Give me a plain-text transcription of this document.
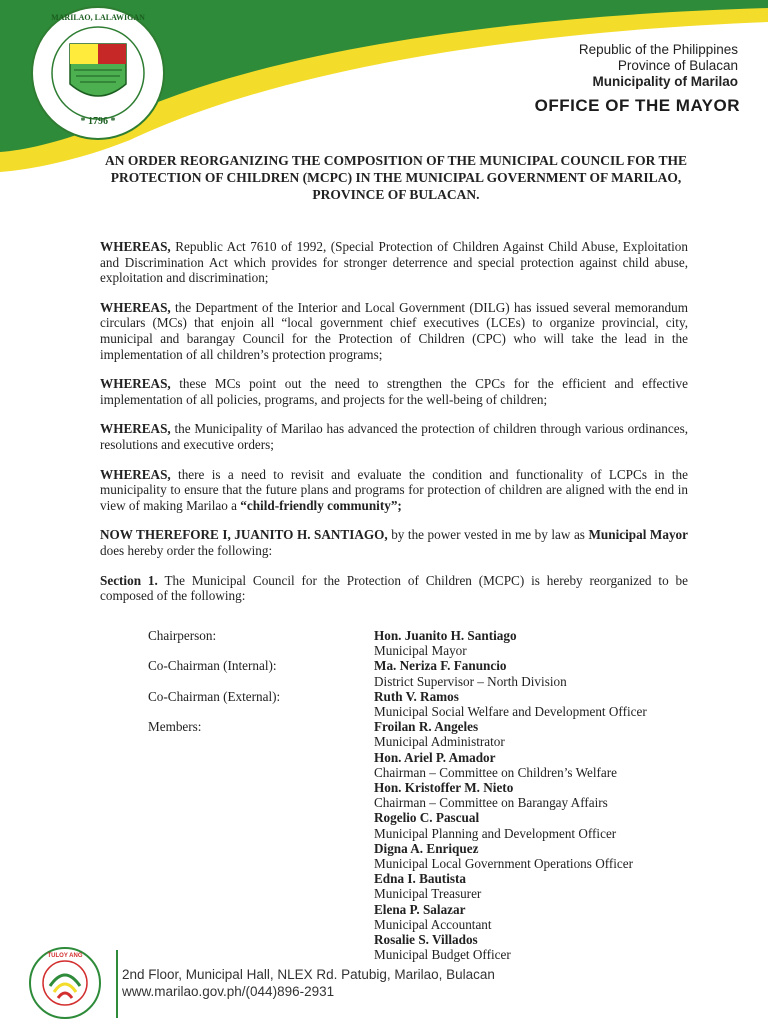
* 1796 *
MARILAO, LALAWIGAN
Republic of the Philippines
Province of Bulacan
Municipality of Marilao
OFFICE OF THE MAYOR
AN ORDER REORGANIZING THE COMPOSITION OF THE MUNICIPAL COUNCIL FOR THE PROTECTION OF CHILDREN (MCPC) IN THE MUNICIPAL GOVERNMENT OF MARILAO, PROVINCE OF BULACAN.

WHEREAS, Republic Act 7610 of 1992, (Special Protection of Children Against Child Abuse, Exploitation and Discrimination Act which provides for stronger deterrence and special protection against child abuse, exploitation and discrimination;

WHEREAS, the Department of the Interior and Local Government (DILG) has issued several memorandum circulars (MCs) that enjoin all “local government chief executives (LCEs) to organize provincial, city, municipal and barangay Council for the Protection of Children (CPC) who will take the lead in the implementation of all children’s protection programs;

WHEREAS, these MCs point out the need to strengthen the CPCs for the efficient and effective implementation of all policies, programs, and projects for the well-being of children;

WHEREAS, the Municipality of Marilao has advanced the protection of children through various ordinances, resolutions and executive orders;

WHEREAS, there is a need to revisit and evaluate the condition and functionality of LCPCs in the municipality to ensure that the future plans and programs for protection of children are aligned with the end in view of making Marilao a “child-friendly community”;

NOW THEREFORE I, JUANITO H. SANTIAGO, by the power vested in me by law as Municipal Mayor does hereby order the following:

Section 1. The Municipal Council for the Protection of Children (MCPC) is hereby reorganized to be composed of the following:

Chairperson:	Hon. Juanito H. Santiago
Municipal Mayor
Co-Chairman (Internal):	Ma. Neriza F. Fanuncio
District Supervisor – North Division
Co-Chairman (External):	Ruth V. Ramos
Municipal Social Welfare and Development Officer
Members:	Froilan R. Angeles
Municipal Administrator
Hon. Ariel P. Amador
Chairman – Committee on Children’s Welfare
Hon. Kristoffer M. Nieto
Chairman – Committee on Barangay Affairs
Rogelio C. Pascual
Municipal Planning and Development Officer
Digna A. Enriquez
Municipal Local Government Operations Officer
Edna I. Bautista
Municipal Treasurer
Elena P. Salazar
Municipal Accountant
Rosalie S. Villados
Municipal Budget Officer
TULOY ANG
2nd Floor, Municipal Hall, NLEX Rd. Patubig, Marilao, Bulacan
www.marilao.gov.ph/(044)896-2931
